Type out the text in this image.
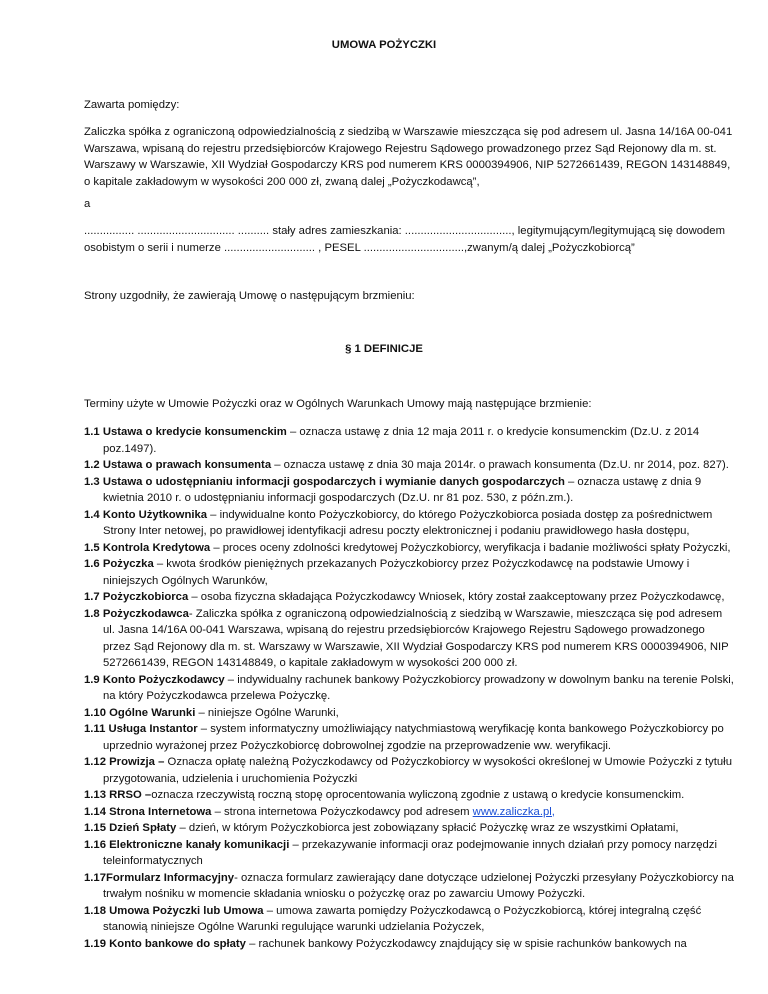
UMOWA POŻYCZKI

Zawarta pomiędzy:

Zaliczka spółka z ograniczoną odpowiedzialnością z siedzibą w Warszawie mieszcząca się pod adresem ul. Jasna 14/16A 00-041 Warszawa, wpisaną do rejestru przedsiębiorców Krajowego Rejestru Sądowego prowadzonego przez Sąd Rejonowy dla m. st. Warszawy w Warszawie, XII Wydział Gospodarczy KRS pod numerem KRS 0000394906, NIP 5272661439, REGON 143148849, o kapitale zakładowym w wysokości 200 000 zł, zwaną dalej „Pożyczkodawcą”,

a

................ ............................... .......... stały adres zamieszkania: .................................., legitymującym/legitymującą się dowodem osobistym o serii i numerze ............................. , PESEL ................................,zwanym/ą dalej „Pożyczkobiorcą”

Strony uzgodniły, że zawierają Umowę o następującym brzmieniu:

§ 1 DEFINICJE

Terminy użyte w Umowie Pożyczki oraz w Ogólnych Warunkach Umowy mają następujące brzmienie:

1.1 Ustawa o kredycie konsumenckim – oznacza ustawę z dnia 12 maja 2011 r. o kredycie konsumenckim (Dz.U. z 2014 poz.1497).
1.2 Ustawa o prawach konsumenta – oznacza ustawę z dnia 30 maja 2014r. o prawach konsumenta (Dz.U. nr 2014, poz. 827).
1.3 Ustawa o udostępnianiu informacji gospodarczych i wymianie danych gospodarczych – oznacza ustawę z dnia 9 kwietnia 2010 r. o udostępnianiu informacji gospodarczych (Dz.U. nr 81 poz. 530, z późn.zm.).
1.4 Konto Użytkownika – indywidualne konto Pożyczkobiorcy, do którego Pożyczkobiorca posiada dostęp za pośrednictwem Strony Inter netowej, po prawidłowej identyfikacji adresu poczty elektronicznej i podaniu prawidłowego hasła dostępu,
1.5 Kontrola Kredytowa – proces oceny zdolności kredytowej Pożyczkobiorcy, weryfikacja i badanie możliwości spłaty Pożyczki,
1.6 Pożyczka – kwota środków pieniężnych przekazanych Pożyczkobiorcy przez Pożyczkodawcę na podstawie Umowy i niniejszych Ogólnych Warunków,
1.7 Pożyczkobiorca – osoba fizyczna składająca Pożyczkodawcy Wniosek, który został zaakceptowany przez Pożyczkodawcę,
1.8 Pożyczkodawca- Zaliczka spółka z ograniczoną odpowiedzialnością z siedzibą w Warszawie, mieszcząca się pod adresem ul. Jasna 14/16A 00-041 Warszawa, wpisaną do rejestru przedsiębiorców Krajowego Rejestru Sądowego prowadzonego przez Sąd Rejonowy dla m. st. Warszawy w Warszawie, XII Wydział Gospodarczy KRS pod numerem KRS 0000394906, NIP 5272661439, REGON 143148849, o kapitale zakładowym w wysokości 200 000 zł.
1.9 Konto Pożyczkodawcy – indywidualny rachunek bankowy Pożyczkobiorcy prowadzony w dowolnym banku na terenie Polski, na który Pożyczkodawca przelewa Pożyczkę.
1.10 Ogólne Warunki – niniejsze Ogólne Warunki,
1.11 Usługa Instantor – system informatyczny umożliwiający natychmiastową weryfikację konta bankowego Pożyczkobiorcy po uprzednio wyrażonej przez Pożyczkobiorcę dobrowolnej zgodzie na przeprowadzenie ww. weryfikacji.
1.12 Prowizja – Oznacza opłatę należną Pożyczkodawcy od Pożyczkobiorcy w wysokości określonej w Umowie Pożyczki z tytułu przygotowania, udzielenia i uruchomienia Pożyczki
1.13 RRSO –oznacza rzeczywistą roczną stopę oprocentowania wyliczoną zgodnie z ustawą o kredycie konsumenckim.
1.14 Strona Internetowa – strona internetowa Pożyczkodawcy pod adresem www.zaliczka.pl,
1.15 Dzień Spłaty – dzień, w którym Pożyczkobiorca jest zobowiązany spłacić Pożyczkę wraz ze wszystkimi Opłatami,
1.16 Elektroniczne kanały komunikacji – przekazywanie informacji oraz podejmowanie innych działań przy pomocy narzędzi teleinformatycznych
1.17Formularz Informacyjny- oznacza formularz zawierający dane dotyczące udzielonej Pożyczki przesyłany Pożyczkobiorcy na trwałym nośniku w momencie składania wniosku o pożyczkę oraz po zawarciu Umowy Pożyczki.
1.18 Umowa Pożyczki lub Umowa – umowa zawarta pomiędzy Pożyczkodawcą o Pożyczkobiorcą, której integralną część stanowią niniejsze Ogólne Warunki regulujące warunki udzielania Pożyczek,
1.19 Konto bankowe do spłaty – rachunek bankowy Pożyczkodawcy znajdujący się w spisie rachunków bankowych na
